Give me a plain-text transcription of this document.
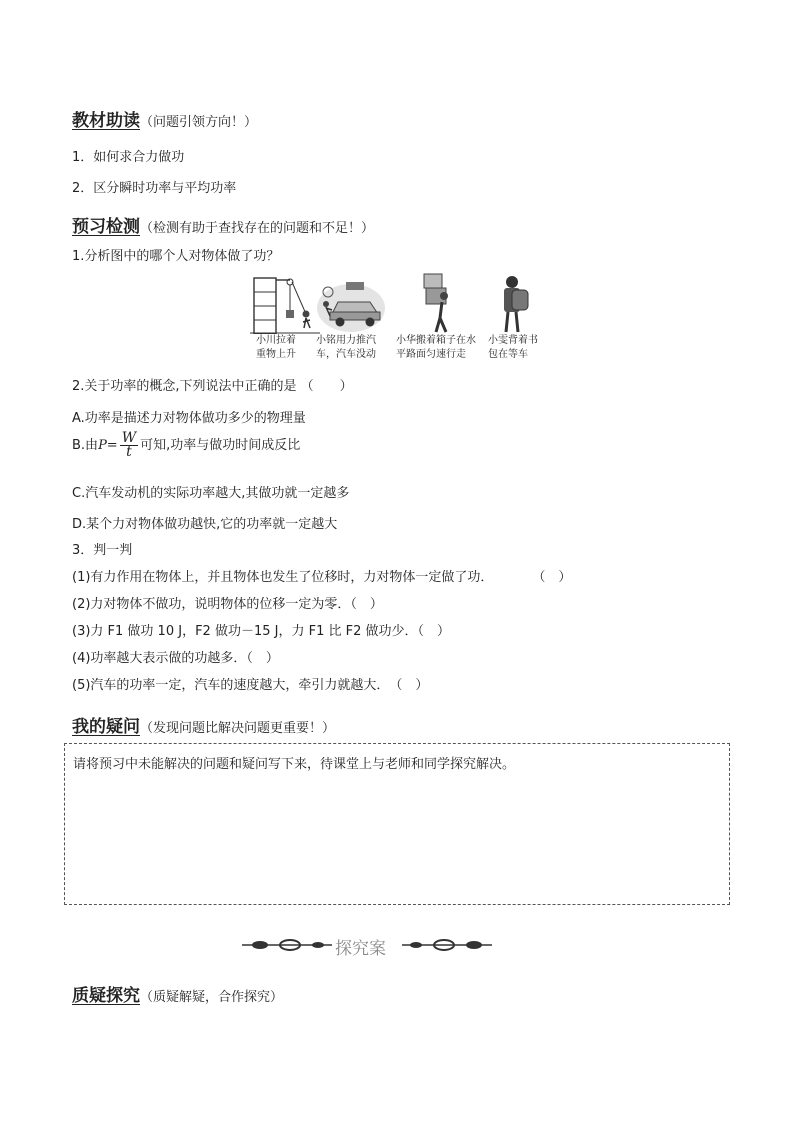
教材助读（问题引领方向！）
1．如何求合力做功
2．区分瞬时功率与平均功率
预习检测（检测有助于查找存在的问题和不足！）
1.分析图中的哪个人对物体做了功？
小川拉着
重物上升
小铭用力推汽
车，汽车没动
小华搬着箱子在水
平路面匀速行走
小雯背着书
包在等车
2.关于功率的概念,下列说法中正确的是 （　　）
A.功率是描述力对物体做功多少的物理量
B.由$P= \frac{W}{t}$ 可知,功率与做功时间成反比
C.汽车发动机的实际功率越大,其做功就一定越多
D.某个力对物体做功越快,它的功率就一定越大
3．判一判
(1)有力作用在物体上，并且物体也发生了位移时，力对物体一定做了功．　　　　（　）
(2)力对物体不做功，说明物体的位移一定为零．（　）
(3)力 F1 做功 10 J，F2 做功－15 J，力 F1 比 F2 做功少．（　）
(4)功率越大表示做的功越多．（　）
(5)汽车的功率一定，汽车的速度越大，牵引力就越大．　（　）
我的疑问（发现问题比解决问题更重要！）
请将预习中未能解决的问题和疑问写下来，待课堂上与老师和同学探究解决。
探究案
质疑探究（质疑解疑，合作探究）
